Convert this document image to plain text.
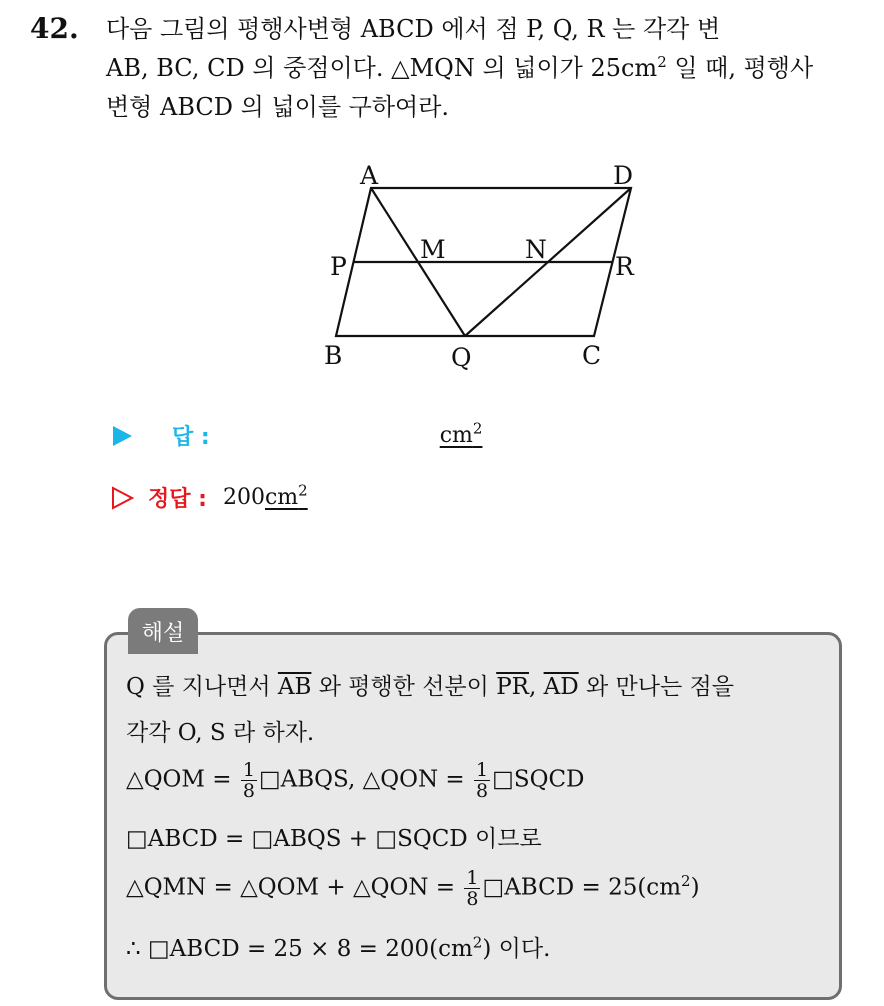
42. 다음 그림의 평행사변형 ABCD 에서 점 P, Q, R 는 각각 변

AB, BC, CD 의 중점이다. △MQN 의 넓이가 $25cm^2$ 일 때, 평행사

변형 ABCD 의 넓이를 구하여라.

A	D
P
M	N
R
B	Q	C
답 :	$cm^2$
정답 : 200 $cm^2$
해설
Q 를 지나면서 $\overline{AB}$ 와 평행한 선분이 $\overline{PR}$, $\overline{AD}$ 와 만나는 점을
각각 O, S 라 하자.
△QOM = $\frac{1}{8}$ □ABQS, △QON = $\frac{1}{8}$ □SQCD
□ABCD = □ABQS + □SQCD 이므로
△QMN = △QOM + △QON = $\frac{1}{8}$ □ABCD = $25(cm^2)$
∴ □ABCD = $25 \times 8 = 200(cm^2)$ 이다.
